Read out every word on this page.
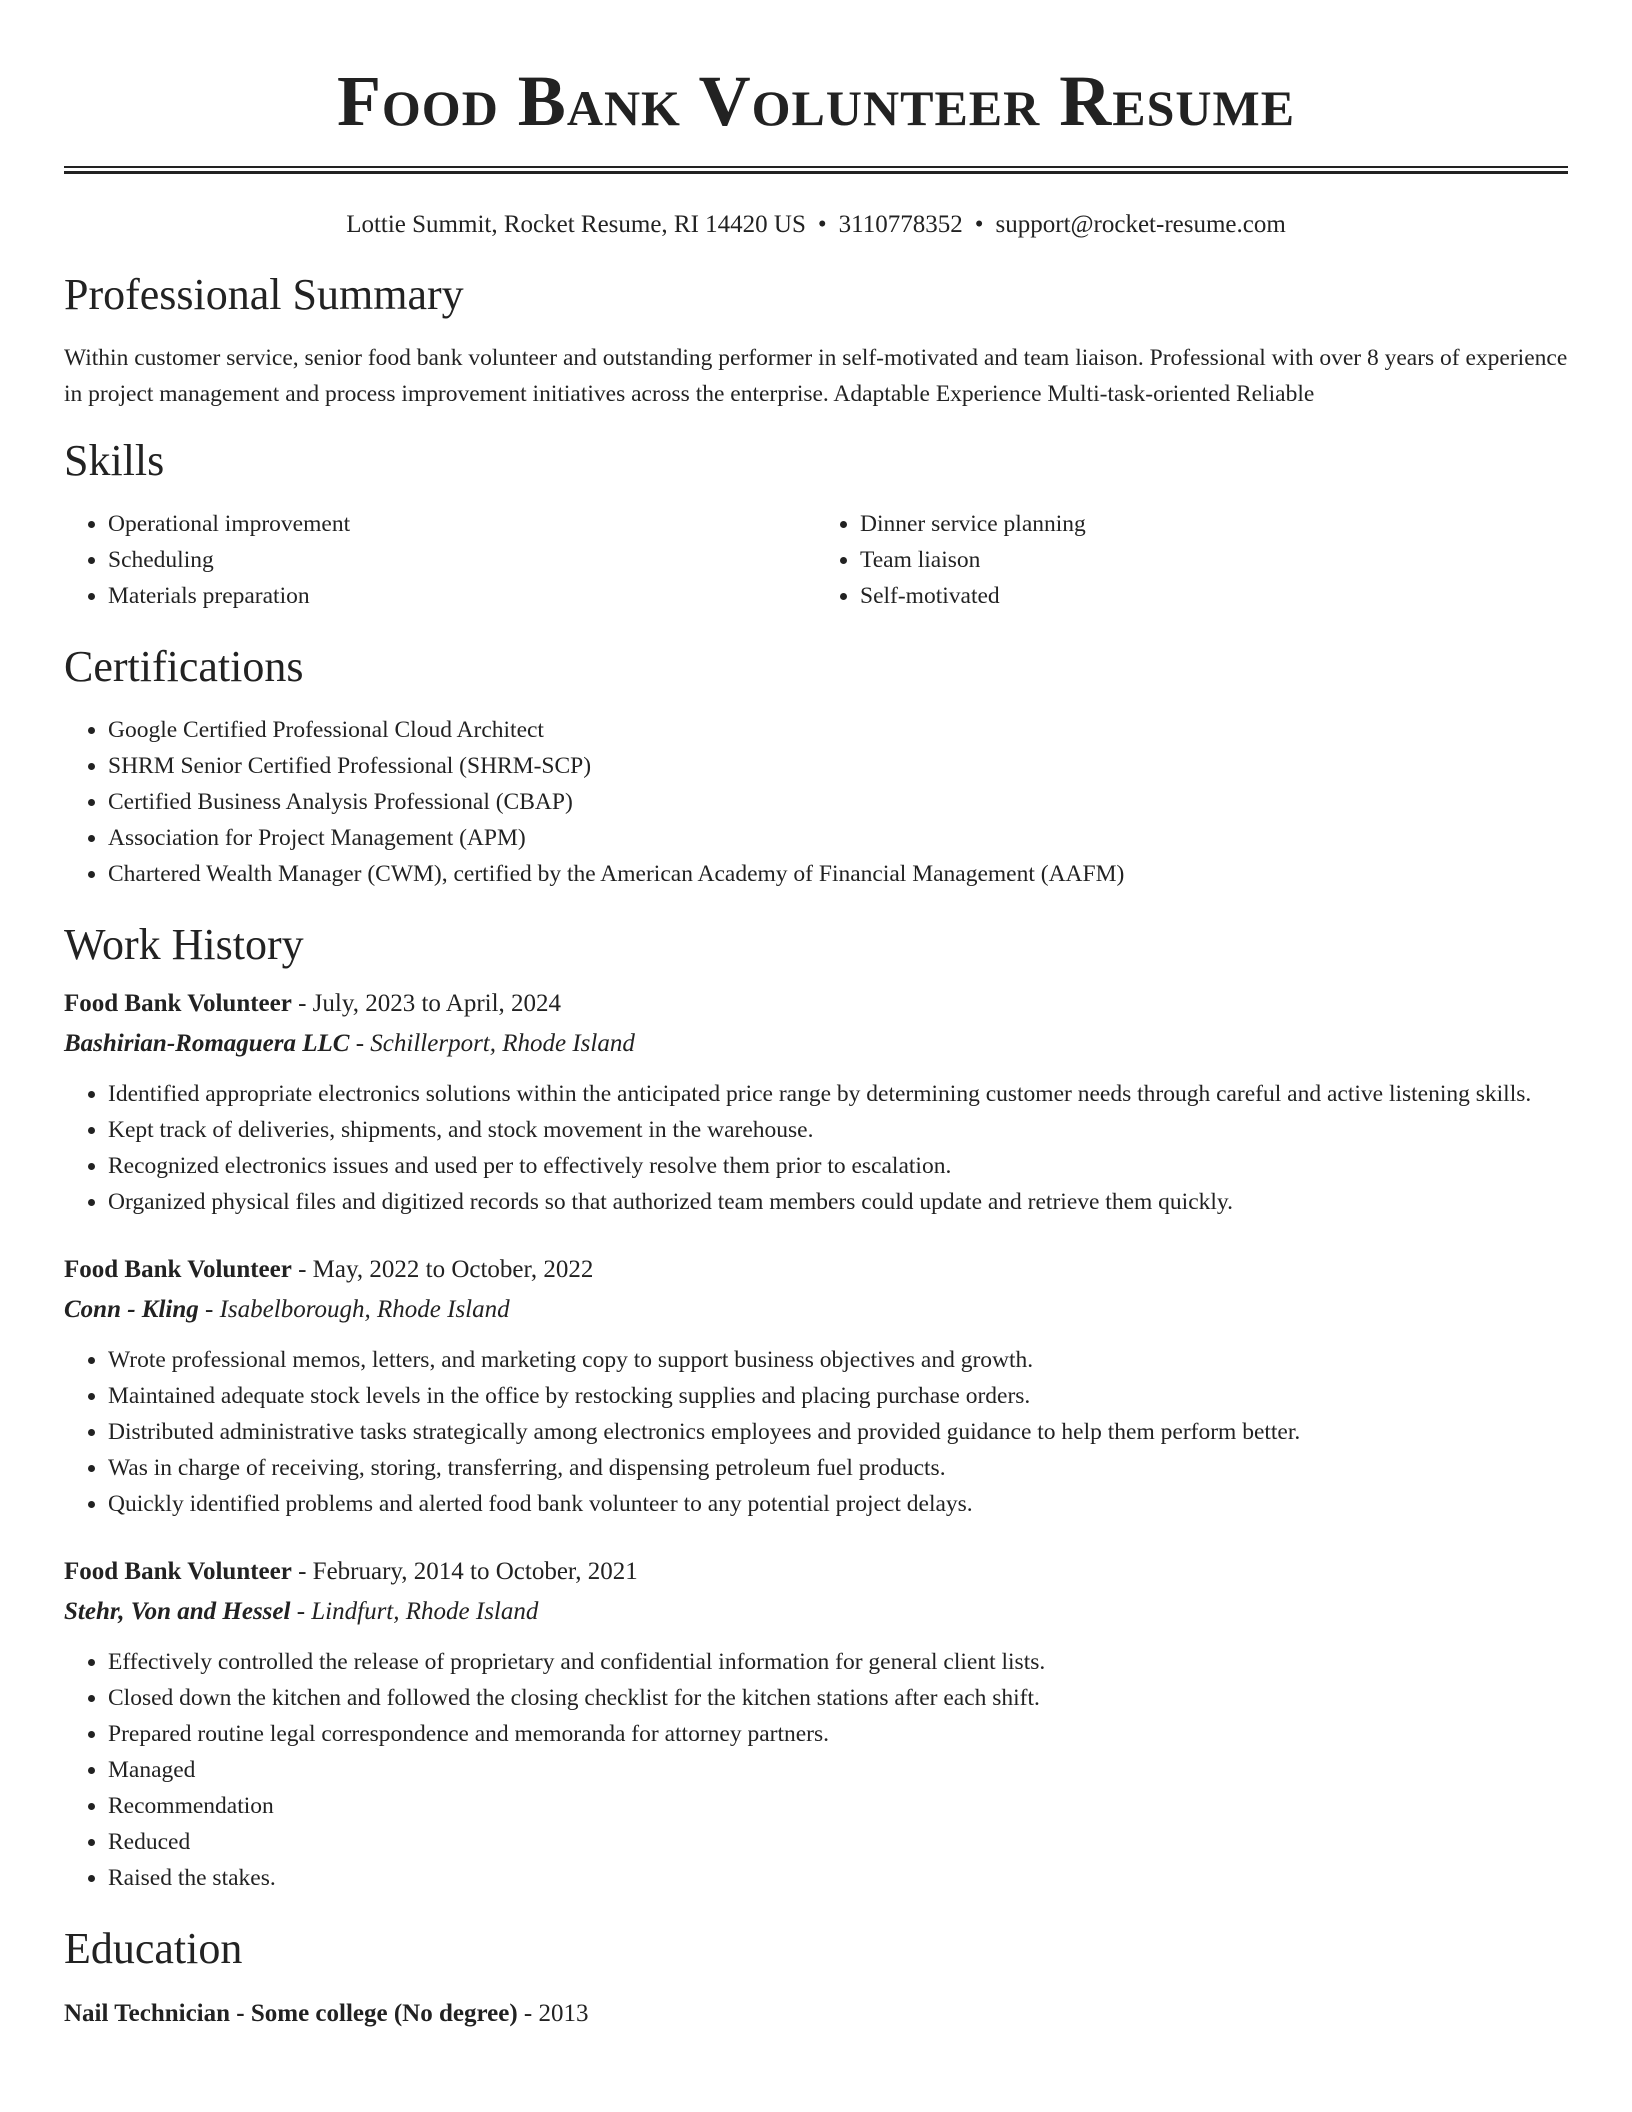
Food Bank Volunteer Resume
Lottie Summit, Rocket Resume, RI 14420 US • 3110778352 • support@rocket-resume.com
Professional Summary

Within customer service, senior food bank volunteer and outstanding performer in self-motivated and team liaison. Professional with over 8 years of experience in project management and process improvement initiatives across the enterprise. Adaptable Experience Multi-task-oriented Reliable

Skills
• Operational improvement
• Scheduling
• Materials preparation
• Dinner service planning
• Team liaison
• Self-motivated
Certifications
• Google Certified Professional Cloud Architect
• SHRM Senior Certified Professional (SHRM-SCP)
• Certified Business Analysis Professional (CBAP)
• Association for Project Management (APM)
• Chartered Wealth Manager (CWM), certified by the American Academy of Financial Management (AAFM)
Work History
Food Bank Volunteer - July, 2023 to April, 2024
Bashirian-Romaguera LLC - Schillerport, Rhode Island
• Identified appropriate electronics solutions within the anticipated price range by determining customer needs through careful and active listening skills.
• Kept track of deliveries, shipments, and stock movement in the warehouse.
• Recognized electronics issues and used per to effectively resolve them prior to escalation.
• Organized physical files and digitized records so that authorized team members could update and retrieve them quickly.
Food Bank Volunteer - May, 2022 to October, 2022
Conn - Kling - Isabelborough, Rhode Island
• Wrote professional memos, letters, and marketing copy to support business objectives and growth.
• Maintained adequate stock levels in the office by restocking supplies and placing purchase orders.
• Distributed administrative tasks strategically among electronics employees and provided guidance to help them perform better.
• Was in charge of receiving, storing, transferring, and dispensing petroleum fuel products.
• Quickly identified problems and alerted food bank volunteer to any potential project delays.
Food Bank Volunteer - February, 2014 to October, 2021
Stehr, Von and Hessel - Lindfurt, Rhode Island
• Effectively controlled the release of proprietary and confidential information for general client lists.
• Closed down the kitchen and followed the closing checklist for the kitchen stations after each shift.
• Prepared routine legal correspondence and memoranda for attorney partners.
• Managed
• Recommendation
• Reduced
• Raised the stakes.
Education
Nail Technician - Some college (No degree) - 2013
